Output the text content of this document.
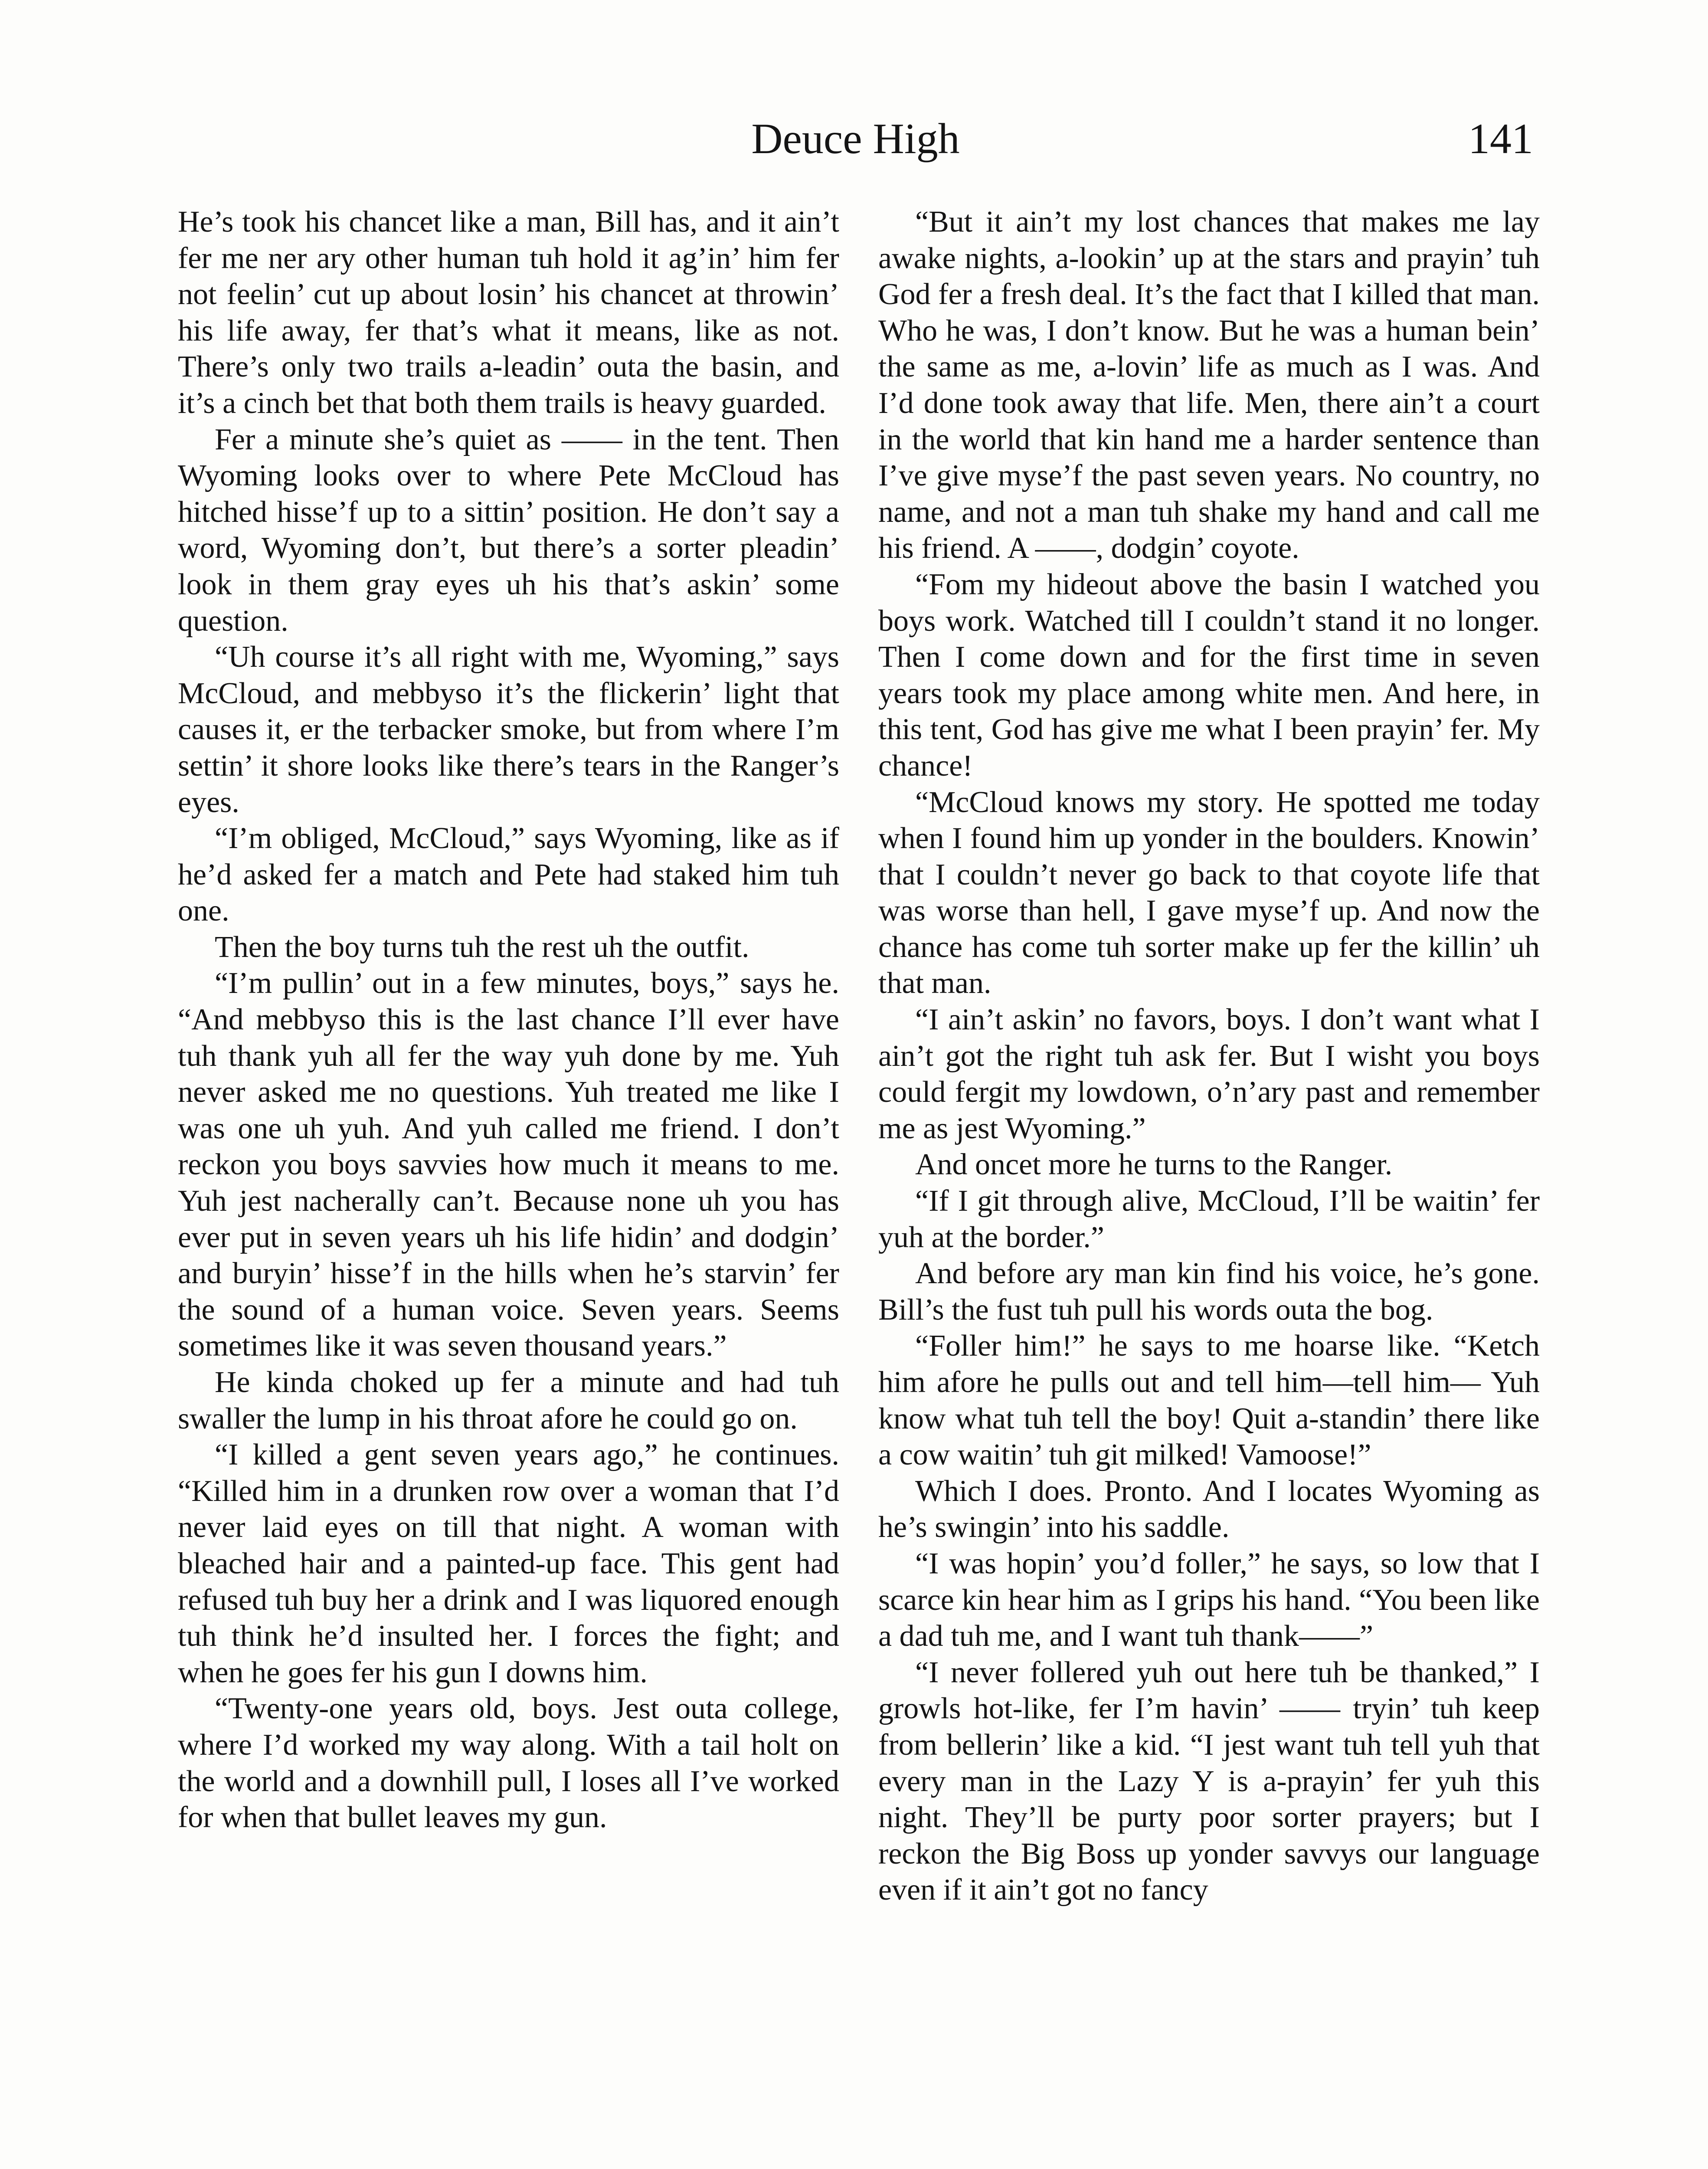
Deuce High	141

He’s took his chancet like a man, Bill has, and it ain’t fer me ner ary other human tuh hold it ag’in’ him fer not feelin’ cut up about losin’ his chancet at throwin’ his life away, fer that’s what it means, like as not. There’s only two trails a-leadin’ outa the basin, and it’s a cinch bet that both them trails is heavy guarded.

Fer a minute she’s quiet as —— in the tent. Then Wyoming looks over to where Pete McCloud has hitched hisse’f up to a sittin’ position. He don’t say a word, Wyoming don’t, but there’s a sorter pleadin’ look in them gray eyes uh his that’s askin’ some question.

“Uh course it’s all right with me, Wyoming,” says McCloud, and mebbyso it’s the flickerin’ light that causes it, er the terbacker smoke, but from where I’m settin’ it shore looks like there’s tears in the Ranger’s eyes.

“I’m obliged, McCloud,” says Wyoming, like as if he’d asked fer a match and Pete had staked him tuh one.

Then the boy turns tuh the rest uh the outfit.

“I’m pullin’ out in a few minutes, boys,” says he. “And mebbyso this is the last chance I’ll ever have tuh thank yuh all fer the way yuh done by me. Yuh never asked me no questions. Yuh treated me like I was one uh yuh. And yuh called me friend. I don’t reckon you boys savvies how much it means to me. Yuh jest nacherally can’t. Because none uh you has ever put in seven years uh his life hidin’ and dodgin’ and buryin’ hisse’f in the hills when he’s starvin’ fer the sound of a human voice. Seven years. Seems sometimes like it was seven thousand years.”

He kinda choked up fer a minute and had tuh swaller the lump in his throat afore he could go on.

“I killed a gent seven years ago,” he continues. “Killed him in a drunken row over a woman that I’d never laid eyes on till that night. A woman with bleached hair and a painted-up face. This gent had refused tuh buy her a drink and I was liquored enough tuh think he’d insulted her. I forces the fight; and when he goes fer his gun I downs him.

“Twenty-one years old, boys. Jest outa college, where I’d worked my way along. With a tail holt on the world and a downhill pull, I loses all I’ve worked for when that bullet leaves my gun.

“But it ain’t my lost chances that makes me lay awake nights, a-lookin’ up at the stars and prayin’ tuh God fer a fresh deal. It’s the fact that I killed that man. Who he was, I don’t know. But he was a human bein’ the same as me, a-lovin’ life as much as I was. And I’d done took away that life. Men, there ain’t a court in the world that kin hand me a harder sentence than I’ve give myse’f the past seven years. No country, no name, and not a man tuh shake my hand and call me his friend. A ——, dodgin’ coyote.

“Fom my hideout above the basin I watched you boys work. Watched till I couldn’t stand it no longer. Then I come down and for the first time in seven years took my place among white men. And here, in this tent, God has give me what I been prayin’ fer. My chance!

“McCloud knows my story. He spotted me today when I found him up yonder in the boulders. Knowin’ that I couldn’t never go back to that coyote life that was worse than hell, I gave myse’f up. And now the chance has come tuh sorter make up fer the killin’ uh that man.

“I ain’t askin’ no favors, boys. I don’t want what I ain’t got the right tuh ask fer. But I wisht you boys could fergit my lowdown, o’n’ary past and remember me as jest Wyoming.”

And oncet more he turns to the Ranger.

“If I git through alive, McCloud, I’ll be waitin’ fer yuh at the border.”

And before ary man kin find his voice, he’s gone. Bill’s the fust tuh pull his words outa the bog.

“Foller him!” he says to me hoarse like. “Ketch him afore he pulls out and tell him—tell him— Yuh know what tuh tell the boy! Quit a-standin’ there like a cow waitin’ tuh git milked! Vamoose!”

Which I does. Pronto. And I locates Wyoming as he’s swingin’ into his saddle.

“I was hopin’ you’d foller,” he says, so low that I scarce kin hear him as I grips his hand. “You been like a dad tuh me, and I want tuh thank——”

“I never follered yuh out here tuh be thanked,” I growls hot-like, fer I’m havin’ —— tryin’ tuh keep from bellerin’ like a kid. “I jest want tuh tell yuh that every man in the Lazy Y is a-prayin’ fer yuh this night. They’ll be purty poor sorter prayers; but I reckon the Big Boss up yonder savvys our language even if it ain’t got no fancy
